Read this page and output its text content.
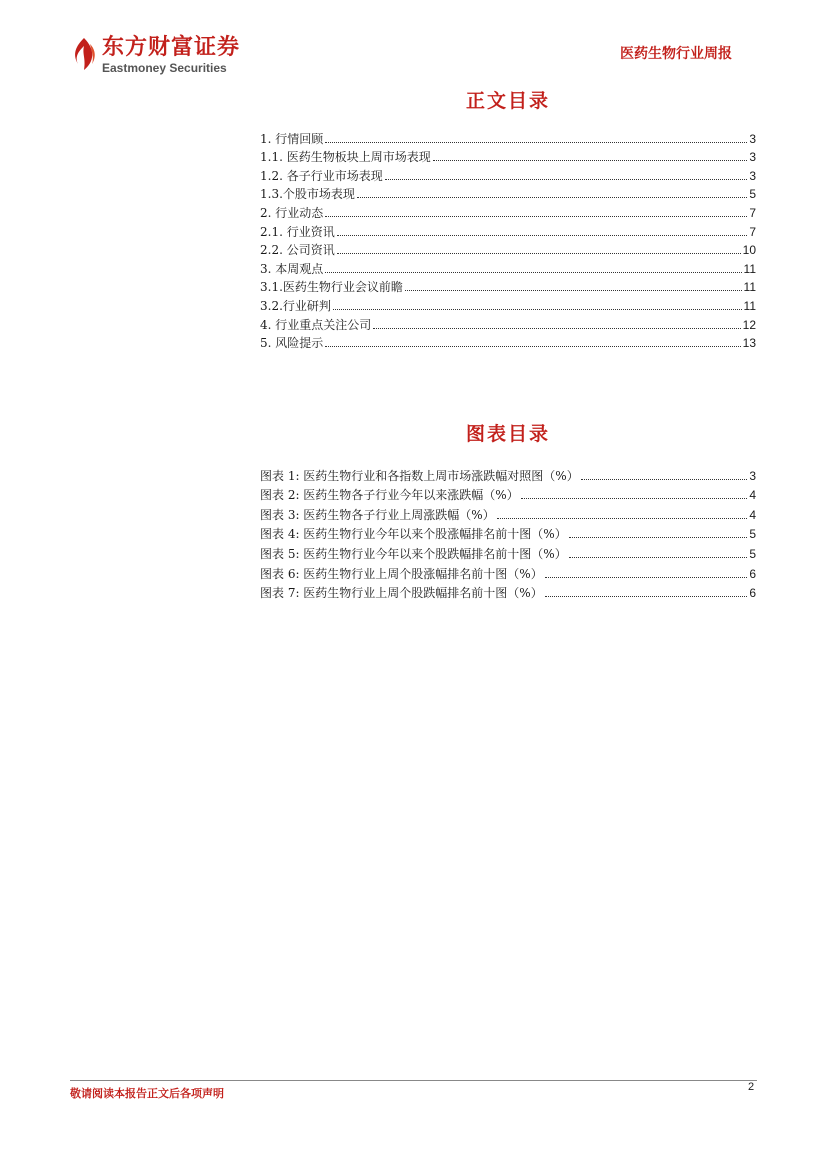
东方财富证券
Eastmoney Securities
医药生物行业周报
正文目录
1. 行情回顾	3
1.1. 医药生物板块上周市场表现	3
1.2. 各子行业市场表现	3
1.3.个股市场表现	5
2. 行业动态	7
2.1. 行业资讯	7
2.2. 公司资讯	10
3. 本周观点	11
3.1.医药生物行业会议前瞻	11
3.2.行业研判	11
4. 行业重点关注公司	12
5. 风险提示	13
图表目录
图表 1: 医药生物行业和各指数上周市场涨跌幅对照图（%）	3
图表 2: 医药生物各子行业今年以来涨跌幅（%）	4
图表 3: 医药生物各子行业上周涨跌幅（%）	4
图表 4: 医药生物行业今年以来个股涨幅排名前十图（%）	5
图表 5: 医药生物行业今年以来个股跌幅排名前十图（%）	5
图表 6: 医药生物行业上周个股涨幅排名前十图（%）	6
图表 7: 医药生物行业上周个股跌幅排名前十图（%）	6
敬请阅读本报告正文后各项声明	2
